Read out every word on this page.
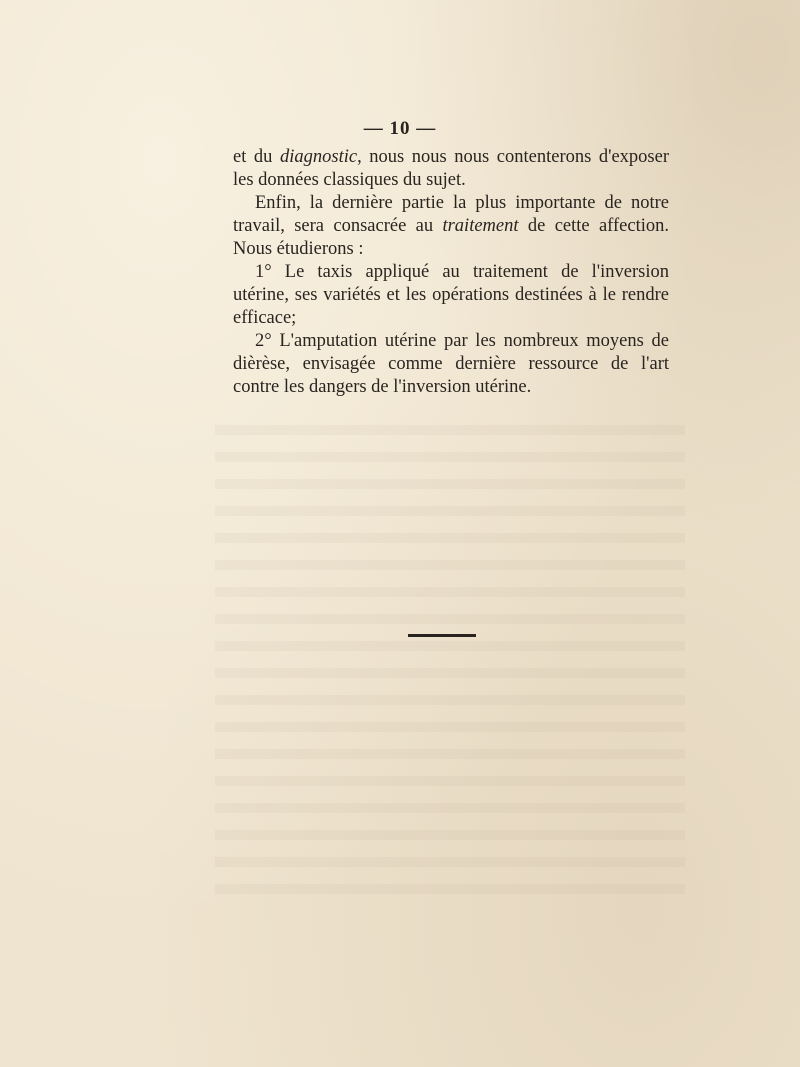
— 10 —

et du diagnostic, nous nous nous contenterons d'exposer les données classiques du sujet.

Enfin, la dernière partie la plus importante de notre travail, sera consacrée au traitement de cette affection. Nous étudierons :

1° Le taxis appliqué au traitement de l'inversion utérine, ses variétés et les opérations destinées à le rendre efficace;

2° L'amputation utérine par les nombreux moyens de dièrèse, envisagée comme dernière ressource de l'art contre les dangers de l'inversion utérine.
